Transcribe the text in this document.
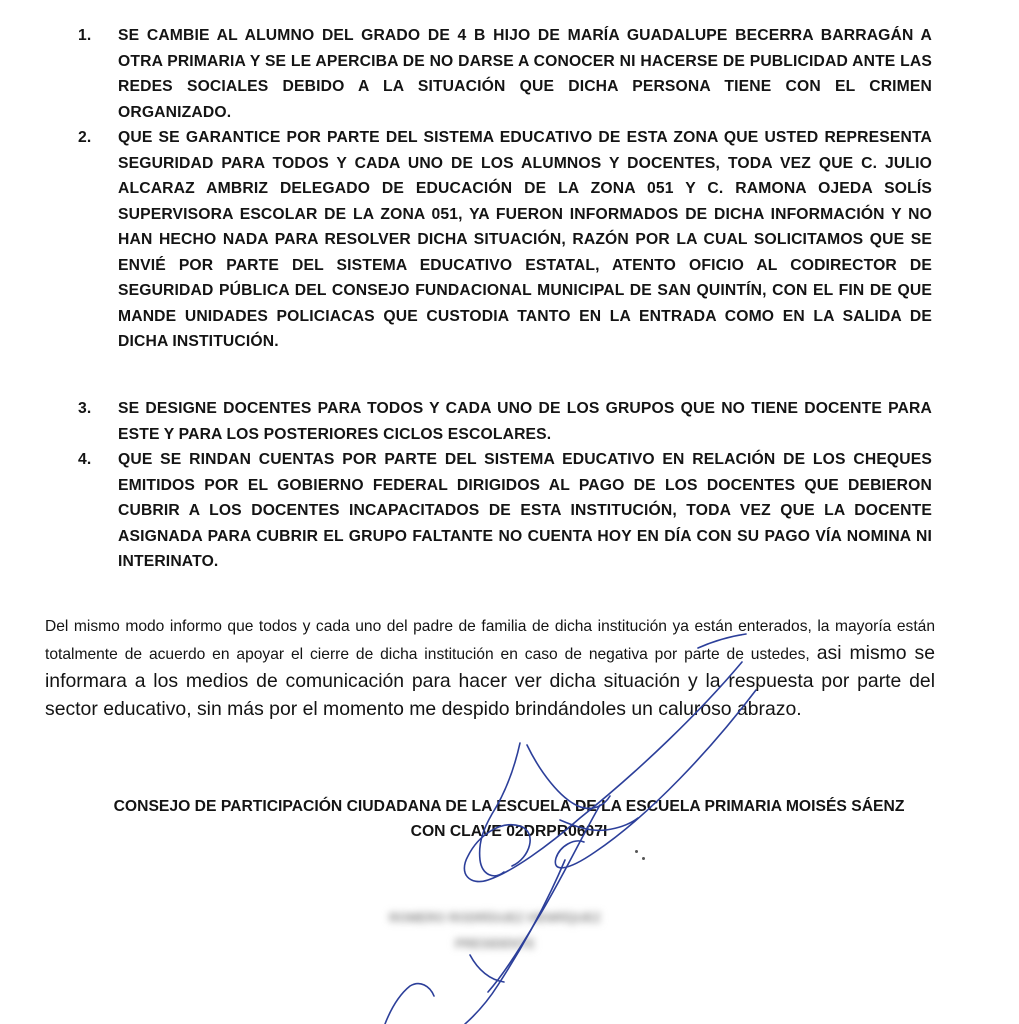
1.	SE CAMBIE AL ALUMNO DEL GRADO DE 4 B HIJO DE MARÍA GUADALUPE BECERRA BARRAGÁN A OTRA PRIMARIA Y SE LE APERCIBA DE NO DARSE A CONOCER NI HACERSE DE PUBLICIDAD ANTE LAS REDES SOCIALES DEBIDO A LA SITUACIÓN QUE DICHA PERSONA TIENE CON EL CRIMEN ORGANIZADO.
2.	QUE SE GARANTICE POR PARTE DEL SISTEMA EDUCATIVO DE ESTA ZONA QUE USTED REPRESENTA SEGURIDAD PARA TODOS Y CADA UNO DE LOS ALUMNOS Y DOCENTES, TODA VEZ QUE C. JULIO ALCARAZ AMBRIZ DELEGADO DE EDUCACIÓN DE LA ZONA 051 Y C. RAMONA OJEDA SOLÍS SUPERVISORA ESCOLAR DE LA ZONA 051, YA FUERON INFORMADOS DE DICHA INFORMACIÓN Y NO HAN HECHO NADA PARA RESOLVER DICHA SITUACIÓN, RAZÓN POR LA CUAL SOLICITAMOS QUE SE ENVIÉ POR PARTE DEL SISTEMA EDUCATIVO ESTATAL, ATENTO OFICIO AL CODIRECTOR DE SEGURIDAD PÚBLICA DEL CONSEJO FUNDACIONAL MUNICIPAL DE SAN QUINTÍN, CON EL FIN DE QUE MANDE UNIDADES POLICIACAS QUE CUSTODIA TANTO EN LA ENTRADA COMO EN LA SALIDA DE DICHA INSTITUCIÓN.
3.	SE DESIGNE DOCENTES PARA TODOS Y CADA UNO DE LOS GRUPOS QUE NO TIENE DOCENTE PARA ESTE Y PARA LOS POSTERIORES CICLOS ESCOLARES.
4.	QUE SE RINDAN CUENTAS POR PARTE DEL SISTEMA EDUCATIVO EN RELACIÓN DE LOS CHEQUES EMITIDOS POR EL GOBIERNO FEDERAL DIRIGIDOS AL PAGO DE LOS DOCENTES QUE DEBIERON CUBRIR A LOS DOCENTES INCAPACITADOS DE ESTA INSTITUCIÓN, TODA VEZ QUE LA DOCENTE ASIGNADA PARA CUBRIR EL GRUPO FALTANTE NO CUENTA HOY EN DÍA CON SU PAGO VÍA NOMINA NI INTERINATO.

Del mismo modo informo que todos y cada uno del padre de familia de dicha institución ya están enterados, la mayoría están totalmente de acuerdo en apoyar el cierre de dicha institución en caso de negativa por parte de ustedes, asi mismo se informara a los medios de comunicación para hacer ver dicha situación y la respuesta por parte del sector educativo, sin más por el momento me despido brindándoles un caluroso abrazo.

CONSEJO DE PARTICIPACIÓN CIUDADANA DE LA ESCUELA DE LA ESCUELA PRIMARIA MOISÉS SÁENZ
CON CLAVE 02DRPR0607I
ROMERO RODRÍGUEZ HENRÍQUEZ
PRESIDENTE
